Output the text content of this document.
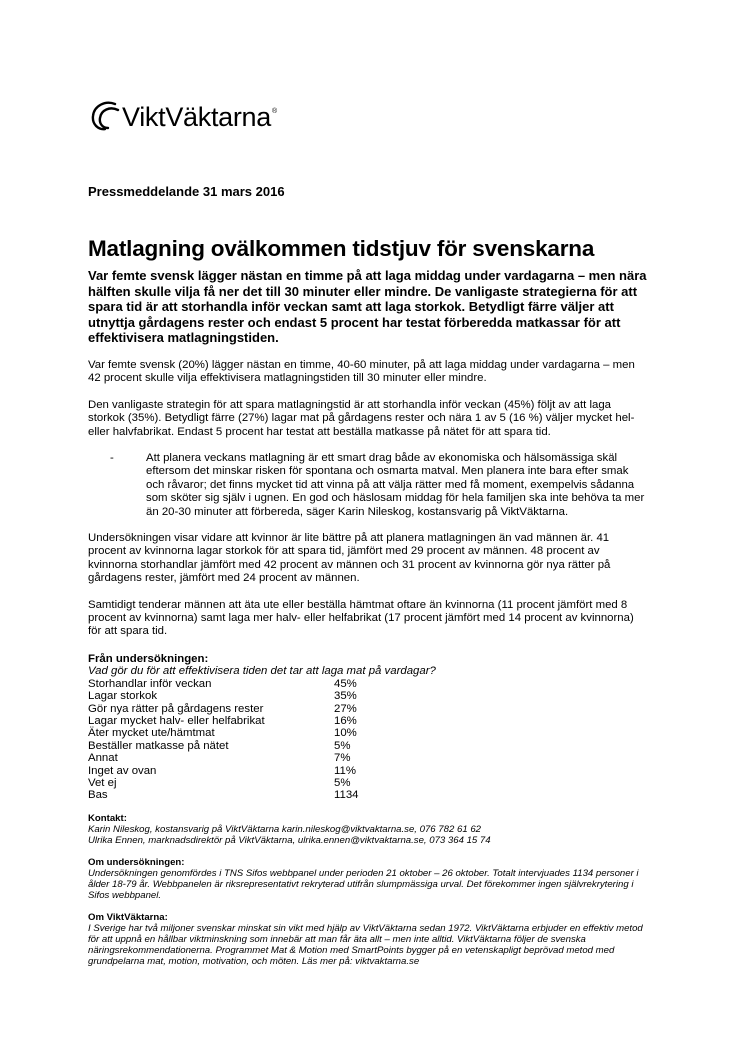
ViktVäktarna ®

Pressmeddelande 31 mars 2016

Matlagning ovälkommen tidstjuv för svenskarna

Var femte svensk lägger nästan en timme på att laga middag under vardagarna – men nära hälften skulle vilja få ner det till 30 minuter eller mindre. De vanligaste strategierna för att spara tid är att storhandla inför veckan samt att laga storkok. Betydligt färre väljer att utnyttja gårdagens rester och endast 5 procent har testat förberedda matkassar för att effektivisera matlagningstiden.

Var femte svensk (20%) lägger nästan en timme, 40-60 minuter, på att laga middag under vardagarna – men 42 procent skulle vilja effektivisera matlagningstiden till 30 minuter eller mindre.

Den vanligaste strategin för att spara matlagningstid är att storhandla inför veckan (45%) följt av att laga storkok (35%). Betydligt färre (27%) lagar mat på gårdagens rester och nära 1 av 5 (16 %) väljer mycket hel- eller halvfabrikat. Endast 5 procent har testat att beställa matkasse på nätet för att spara tid.

-	Att planera veckans matlagning är ett smart drag både av ekonomiska och hälsomässiga skäl eftersom det minskar risken för spontana och osmarta matval. Men planera inte bara efter smak och råvaror; det finns mycket tid att vinna på att välja rätter med få moment, exempelvis sådanna som sköter sig själv i ugnen. En god och häslosam middag för hela familjen ska inte behöva ta mer än 20-30 minuter att förbereda, säger Karin Nileskog, kostansvarig på ViktVäktarna.

Undersökningen visar vidare att kvinnor är lite bättre på att planera matlagningen än vad männen är. 41 procent av kvinnorna lagar storkok för att spara tid, jämfört med 29 procent av männen. 48 procent av kvinnorna storhandlar jämfört med 42 procent av männen och 31 procent av kvinnorna gör nya rätter på gårdagens rester, jämfört med 24 procent av männen.

Samtidigt tenderar männen att äta ute eller beställa hämtmat oftare än kvinnorna (11 procent jämfört med 8 procent av kvinnorna) samt laga mer halv- eller helfabrikat (17 procent jämfört med 14 procent av kvinnorna) för att spara tid.

Från undersökningen:
Vad gör du för att effektivisera tiden det tar att laga mat på vardagar?
Storhandlar inför veckan	45%
Lagar storkok	35%
Gör nya rätter på gårdagens rester	27%
Lagar mycket halv- eller helfabrikat	16%
Äter mycket ute/hämtmat	10%
Beställer matkasse på nätet	5%
Annat	7%
Inget av ovan	11%
Vet ej	5%
Bas	1134
Kontakt:
Karin Nileskog, kostansvarig på ViktVäktarna karin.nileskog@viktvaktarna.se, 076 782 61 62
Ulrika Ennen, marknadsdirektör på ViktVäktarna, ulrika.ennen@viktvaktarna.se, 073 364 15 74
Om undersökningen:
Undersökningen genomfördes i TNS Sifos webbpanel under perioden 21 oktober – 26 oktober. Totalt intervjuades 1134 personer i ålder 18-79 år. Webbpanelen är riksrepresentativt rekryterad utifrån slumpmässiga urval. Det förekommer ingen självrekrytering i Sifos webbpanel.
Om ViktVäktarna:
I Sverige har två miljoner svenskar minskat sin vikt med hjälp av ViktVäktarna sedan 1972. ViktVäktarna erbjuder en effektiv metod för att uppnå en hållbar viktminskning som innebär att man får äta allt – men inte alltid. ViktVäktarna följer de svenska näringsrekommendationerna. Programmet Mat & Motion med SmartPoints bygger på en vetenskapligt beprövad metod med grundpelarna mat, motion, motivation, och möten. Läs mer på: viktvaktarna.se
